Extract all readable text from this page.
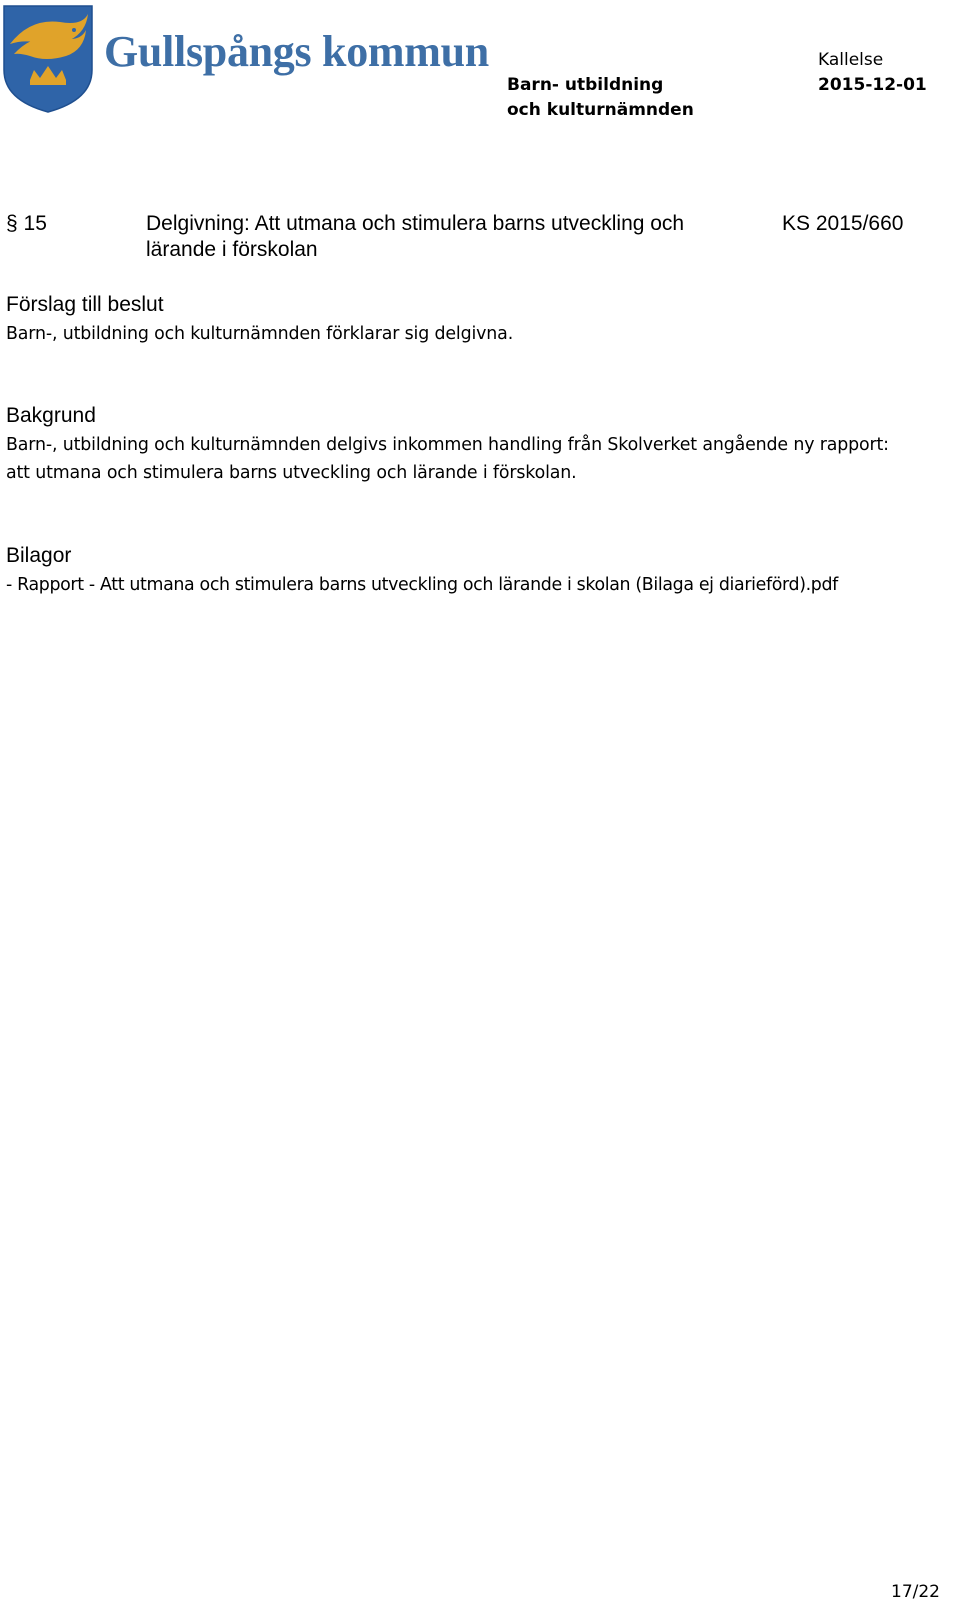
Gullspångs kommun
Barn- utbildning och kulturnämnden
Kallelse
2015-12-01
§ 15	Delgivning: Att utmana och stimulera barns utveckling och lärande i förskolan
KS 2015/660
Förslag till beslut
Barn-, utbildning och kulturnämnden förklarar sig delgivna.
Bakgrund
Barn-, utbildning och kulturnämnden delgivs inkommen handling från Skolverket angående ny rapport: att utmana och stimulera barns utveckling och lärande i förskolan.
Bilagor
- Rapport - Att utmana och stimulera barns utveckling och lärande i skolan (Bilaga ej diarieförd).pdf
17/22
